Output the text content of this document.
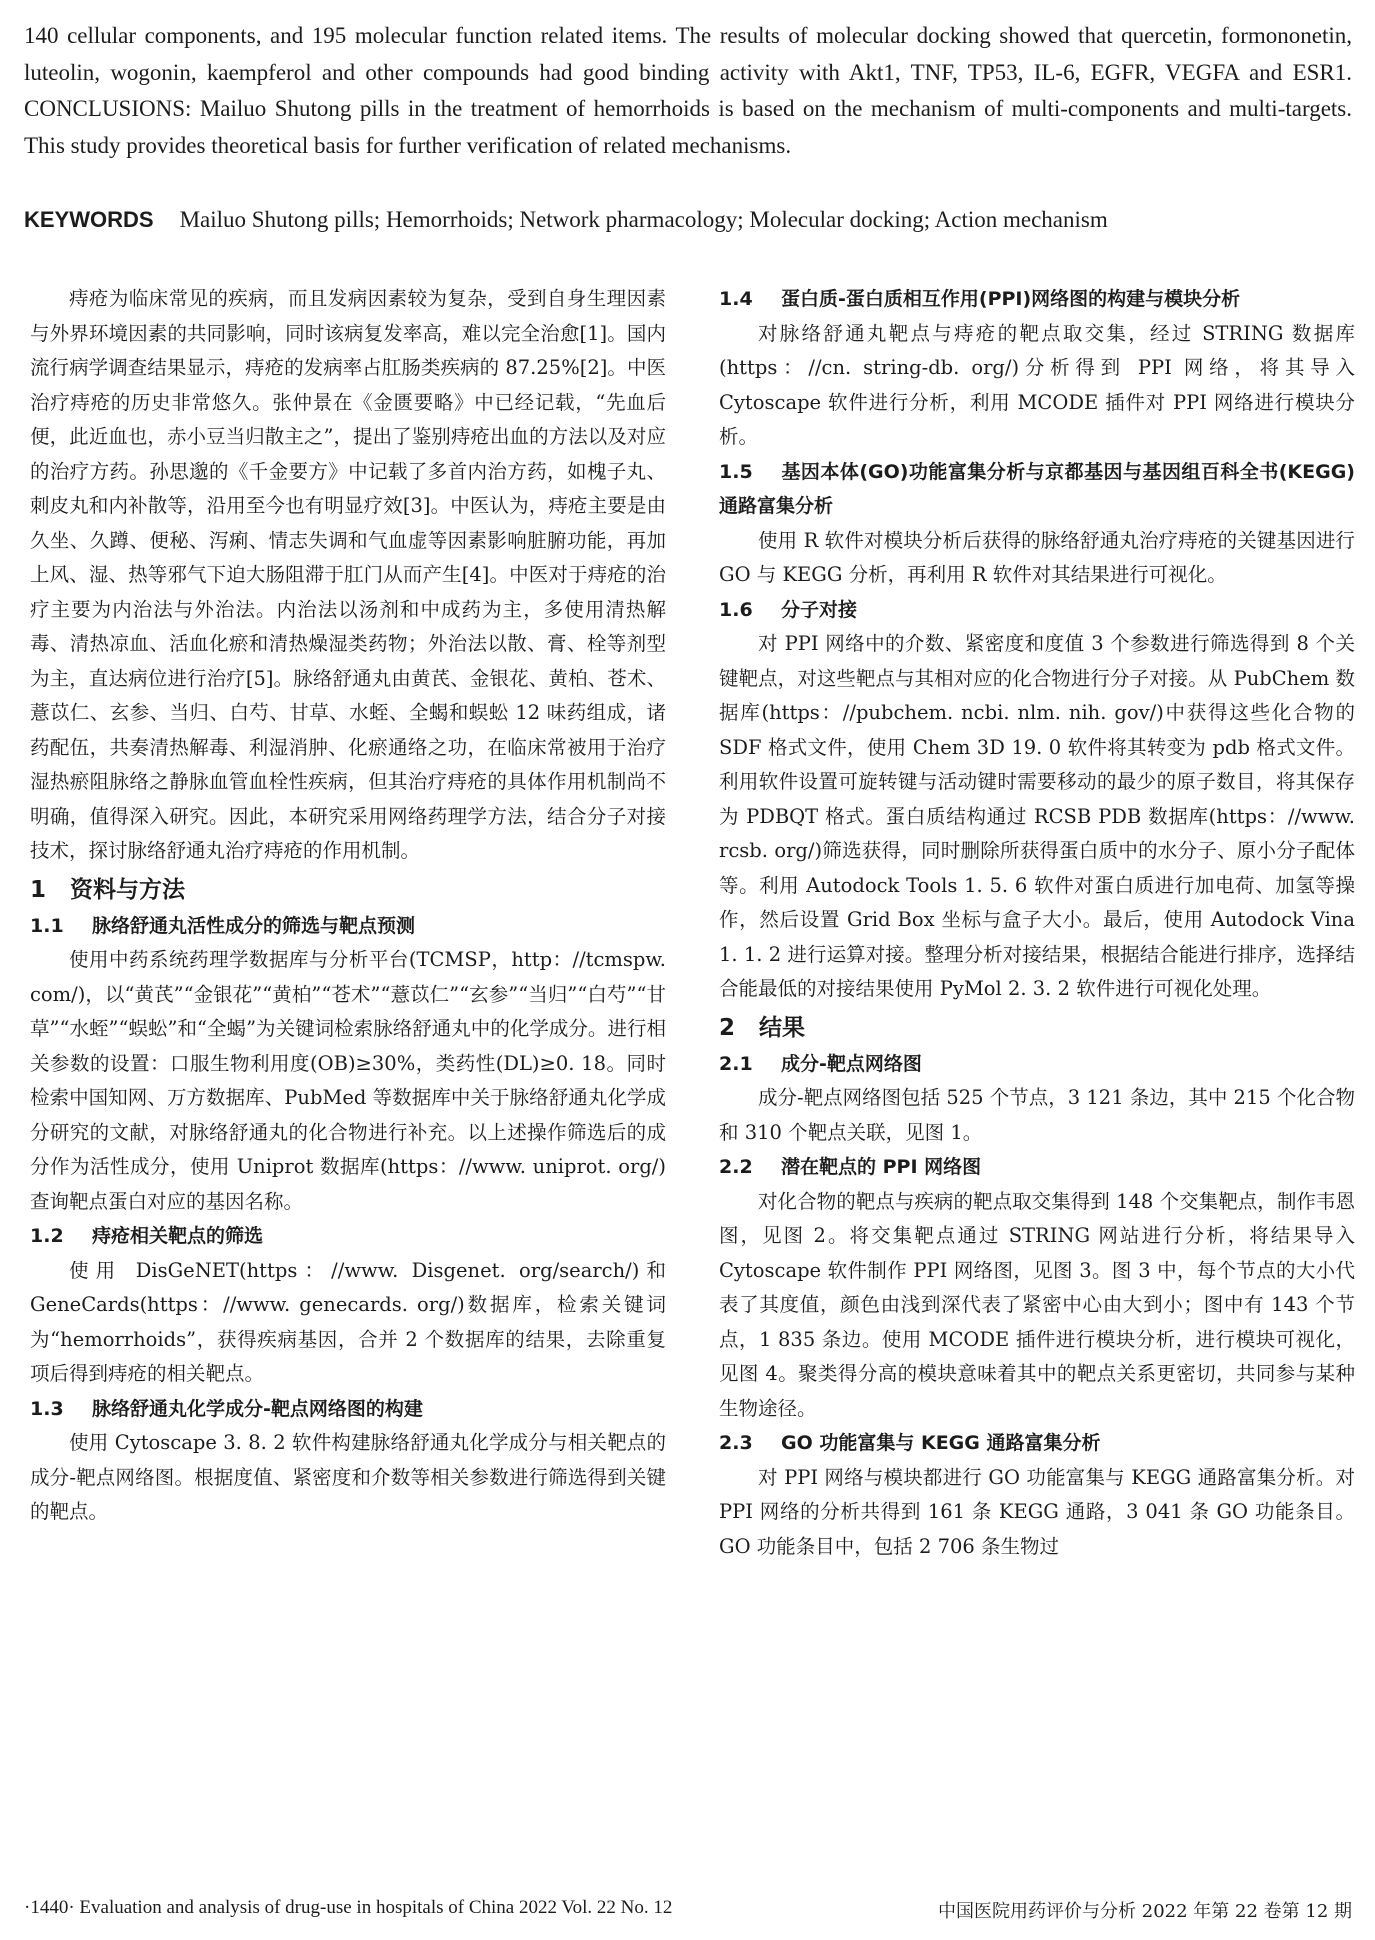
140 cellular components, and 195 molecular function related items. The results of molecular docking showed that quercetin, formononetin, luteolin, wogonin, kaempferol and other compounds had good binding activity with Akt1, TNF, TP53, IL-6, EGFR, VEGFA and ESR1. CONCLUSIONS: Mailuo Shutong pills in the treatment of hemorrhoids is based on the mechanism of multi-components and multi-targets. This study provides theoretical basis for further verification of related mechanisms.

KEYWORDS Mailuo Shutong pills; Hemorrhoids; Network pharmacology; Molecular docking; Action mechanism

痔疮为临床常见的疾病，而且发病因素较为复杂，受到自身生理因素与外界环境因素的共同影响，同时该病复发率高，难以完全治愈[1]。国内流行病学调查结果显示，痔疮的发病率占肛肠类疾病的 87.25%[2]。中医治疗痔疮的历史非常悠久。张仲景在《金匮要略》中已经记载，“先血后便，此近血也，赤小豆当归散主之”，提出了鉴别痔疮出血的方法以及对应的治疗方药。孙思邈的《千金要方》中记载了多首内治方药，如槐子丸、刺皮丸和内补散等，沿用至今也有明显疗效[3]。中医认为，痔疮主要是由久坐、久蹲、便秘、泻痢、情志失调和气血虚等因素影响脏腑功能，再加上风、湿、热等邪气下迫大肠阻滞于肛门从而产生[4]。中医对于痔疮的治疗主要为内治法与外治法。内治法以汤剂和中成药为主，多使用清热解毒、清热凉血、活血化瘀和清热燥湿类药物；外治法以散、膏、栓等剂型为主，直达病位进行治疗[5]。脉络舒通丸由黄芪、金银花、黄柏、苍术、薏苡仁、玄参、当归、白芍、甘草、水蛭、全蝎和蜈蚣 12 味药组成，诸药配伍，共奏清热解毒、利湿消肿、化瘀通络之功，在临床常被用于治疗湿热瘀阻脉络之静脉血管血栓性疾病，但其治疗痔疮的具体作用机制尚不明确，值得深入研究。因此，本研究采用网络药理学方法，结合分子对接技术，探讨脉络舒通丸治疗痔疮的作用机制。

1 资料与方法
1.1 脉络舒通丸活性成分的筛选与靶点预测

使用中药系统药理学数据库与分析平台(TCMSP，http：//tcmspw. com/)，以“黄芪”“金银花”“黄柏”“苍术”“薏苡仁”“玄参”“当归”“白芍”“甘草”“水蛭”“蜈蚣”和“全蝎”为关键词检索脉络舒通丸中的化学成分。进行相关参数的设置：口服生物利用度(OB)≥30%，类药性(DL)≥0. 18。同时检索中国知网、万方数据库、PubMed 等数据库中关于脉络舒通丸化学成分研究的文献，对脉络舒通丸的化合物进行补充。以上述操作筛选后的成分作为活性成分，使用 Uniprot 数据库(https：//www. uniprot. org/)查询靶点蛋白对应的基因名称。

1.2 痔疮相关靶点的筛选

使用 DisGeNET(https：//www. Disgenet. org/search/)和 GeneCards(https：//www. genecards. org/)数据库，检索关键词为“hemorrhoids”，获得疾病基因，合并 2 个数据库的结果，去除重复项后得到痔疮的相关靶点。

1.3 脉络舒通丸化学成分-靶点网络图的构建

使用 Cytoscape 3. 8. 2 软件构建脉络舒通丸化学成分与相关靶点的成分-靶点网络图。根据度值、紧密度和介数等相关参数进行筛选得到关键的靶点。

1.4 蛋白质-蛋白质相互作用(PPI)网络图的构建与模块分析

对脉络舒通丸靶点与痔疮的靶点取交集，经过 STRING 数据库(https：//cn. string-db. org/)分析得到 PPI 网络，将其导入 Cytoscape 软件进行分析，利用 MCODE 插件对 PPI 网络进行模块分析。

1.5 基因本体(GO)功能富集分析与京都基因与基因组百科全书(KEGG)通路富集分析

使用 R 软件对模块分析后获得的脉络舒通丸治疗痔疮的关键基因进行 GO 与 KEGG 分析，再利用 R 软件对其结果进行可视化。

1.6 分子对接

对 PPI 网络中的介数、紧密度和度值 3 个参数进行筛选得到 8 个关键靶点，对这些靶点与其相对应的化合物进行分子对接。从 PubChem 数据库(https：//pubchem. ncbi. nlm. nih. gov/)中获得这些化合物的 SDF 格式文件，使用 Chem 3D 19. 0 软件将其转变为 pdb 格式文件。利用软件设置可旋转键与活动键时需要移动的最少的原子数目，将其保存为 PDBQT 格式。蛋白质结构通过 RCSB PDB 数据库(https：//www. rcsb. org/)筛选获得，同时删除所获得蛋白质中的水分子、原小分子配体等。利用 Autodock Tools 1. 5. 6 软件对蛋白质进行加电荷、加氢等操作，然后设置 Grid Box 坐标与盒子大小。最后，使用 Autodock Vina 1. 1. 2 进行运算对接。整理分析对接结果，根据结合能进行排序，选择结合能最低的对接结果使用 PyMol 2. 3. 2 软件进行可视化处理。

2 结果
2.1 成分-靶点网络图

成分-靶点网络图包括 525 个节点，3 121 条边，其中 215 个化合物和 310 个靶点关联，见图 1。

2.2 潜在靶点的 PPI 网络图

对化合物的靶点与疾病的靶点取交集得到 148 个交集靶点，制作韦恩图，见图 2。将交集靶点通过 STRING 网站进行分析，将结果导入 Cytoscape 软件制作 PPI 网络图，见图 3。图 3 中，每个节点的大小代表了其度值，颜色由浅到深代表了紧密中心由大到小；图中有 143 个节点，1 835 条边。使用 MCODE 插件进行模块分析，进行模块可视化，见图 4。聚类得分高的模块意味着其中的靶点关系更密切，共同参与某种生物途径。

2.3 GO 功能富集与 KEGG 通路富集分析

对 PPI 网络与模块都进行 GO 功能富集与 KEGG 通路富集分析。对 PPI 网络的分析共得到 161 条 KEGG 通路，3 041 条 GO 功能条目。GO 功能条目中，包括 2 706 条生物过

·1440· Evaluation and analysis of drug-use in hospitals of China 2022 Vol. 22 No. 12	中国医院用药评价与分析 2022 年第 22 卷第 12 期
